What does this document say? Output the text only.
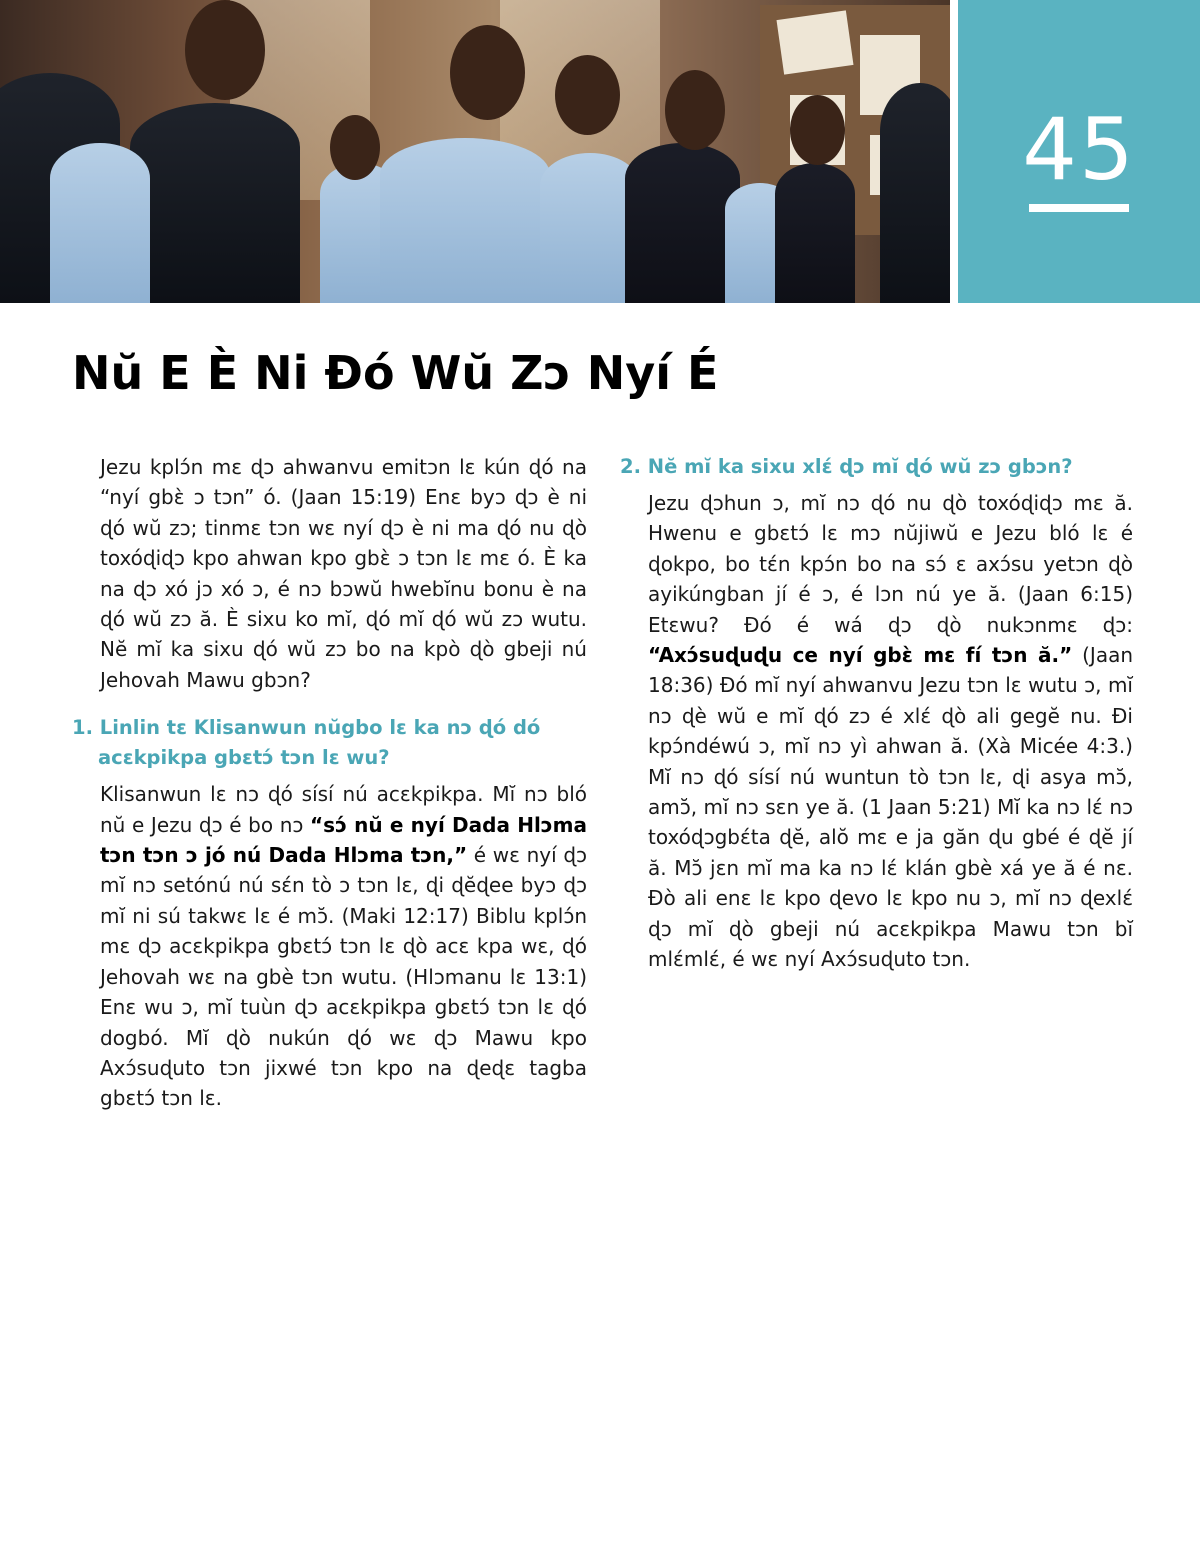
45
Nŭ E È Ni Ðó Wŭ Zɔ Nyí É

Jezu kplɔ́n mɛ ɖɔ ahwanvu emitɔn lɛ kún ɖó na “nyí gbɛ̀ ɔ tɔn” ó. (Jaan 15:19) Enɛ byɔ ɖɔ è ni ɖó wŭ zɔ; tinmɛ tɔn wɛ nyí ɖɔ è ni ma ɖó nu ɖò toxóɖiɖɔ kpo ahwan kpo gbɛ̀ ɔ tɔn lɛ mɛ ó. È ka na ɖɔ xó jɔ xó ɔ, é nɔ bɔwŭ hwebĭnu bonu è na ɖó wŭ zɔ ă. È sixu ko mĭ, ɖó mĭ ɖó wŭ zɔ wutu. Nĕ mĭ ka sixu ɖó wŭ zɔ bo na kpò ɖò gbeji nú Jehovah Mawu gbɔn?

1. Linlin tɛ Klisanwun nŭgbo lɛ ka nɔ ɖó dó acɛkpikpa gbɛtɔ́ tɔn lɛ wu?

Klisanwun lɛ nɔ ɖó sísí nú acɛkpikpa. Mĭ nɔ bló nŭ e Jezu ɖɔ é bo nɔ “sɔ́ nŭ e nyí Dada Hlɔma tɔn tɔn ɔ jó nú Dada Hlɔma tɔn,” é wɛ nyí ɖɔ mĭ nɔ setónú nú sɛ́n tò ɔ tɔn lɛ, ɖi ɖĕɖee byɔ ɖɔ mĭ ni sú takwɛ lɛ é mɔ̆. (Maki 12:17) Biblu kplɔ́n mɛ ɖɔ acɛkpikpa gbɛtɔ́ tɔn lɛ ɖò acɛ kpa wɛ, ɖó Jehovah wɛ na gbè tɔn wutu. (Hlɔmanu lɛ 13:1) Enɛ wu ɔ, mĭ tuùn ɖɔ acɛkpikpa gbɛtɔ́ tɔn lɛ ɖó dogbó. Mĭ ɖò nukún ɖó wɛ ɖɔ Mawu kpo Axɔ́suɖuto tɔn jixwé tɔn kpo na ɖeɖɛ tagba gbɛtɔ́ tɔn lɛ.

2. Nĕ mĭ ka sixu xlɛ́ ɖɔ mĭ ɖó wŭ zɔ gbɔn?

Jezu ɖɔhun ɔ, mĭ nɔ ɖó nu ɖò toxóɖiɖɔ mɛ ă. Hwenu e gbɛtɔ́ lɛ mɔ nŭjiwŭ e Jezu bló lɛ é ɖokpo, bo tɛ́n kpɔ́n bo na sɔ́ ɛ axɔ́su yetɔn ɖò ayikúngban jí é ɔ, é lɔn nú ye ă. (Jaan 6:15) Etɛwu? Ðó é wá ɖɔ ɖò nukɔnmɛ ɖɔ: “Axɔ́suɖuɖu ce nyí gbɛ̀ mɛ fí tɔn ă.” (Jaan 18:36) Ðó mĭ nyí ahwanvu Jezu tɔn lɛ wutu ɔ, mĭ nɔ ɖè wŭ e mĭ ɖó zɔ é xlɛ́ ɖò ali gegĕ nu. Ði kpɔ́ndéwú ɔ, mĭ nɔ yì ahwan ă. (Xà Micée 4:3.) Mĭ nɔ ɖó sísí nú wuntun tò tɔn lɛ, ɖi asya mɔ̆, amɔ̆, mĭ nɔ sɛn ye ă. (1 Jaan 5:21) Mĭ ka nɔ lɛ́ nɔ toxóɖɔgbɛ́ta ɖĕ, alŏ mɛ e ja găn ɖu gbé é ɖĕ jí ă. Mɔ̆ jɛn mĭ ma ka nɔ lɛ́ klán gbè xá ye ă é nɛ. Ðò ali enɛ lɛ kpo ɖevo lɛ kpo nu ɔ, mĭ nɔ ɖexlɛ́ ɖɔ mĭ ɖò gbeji nú acɛkpikpa Mawu tɔn bĭ mlɛ́mlɛ́, é wɛ nyí Axɔ́suɖuto tɔn.
